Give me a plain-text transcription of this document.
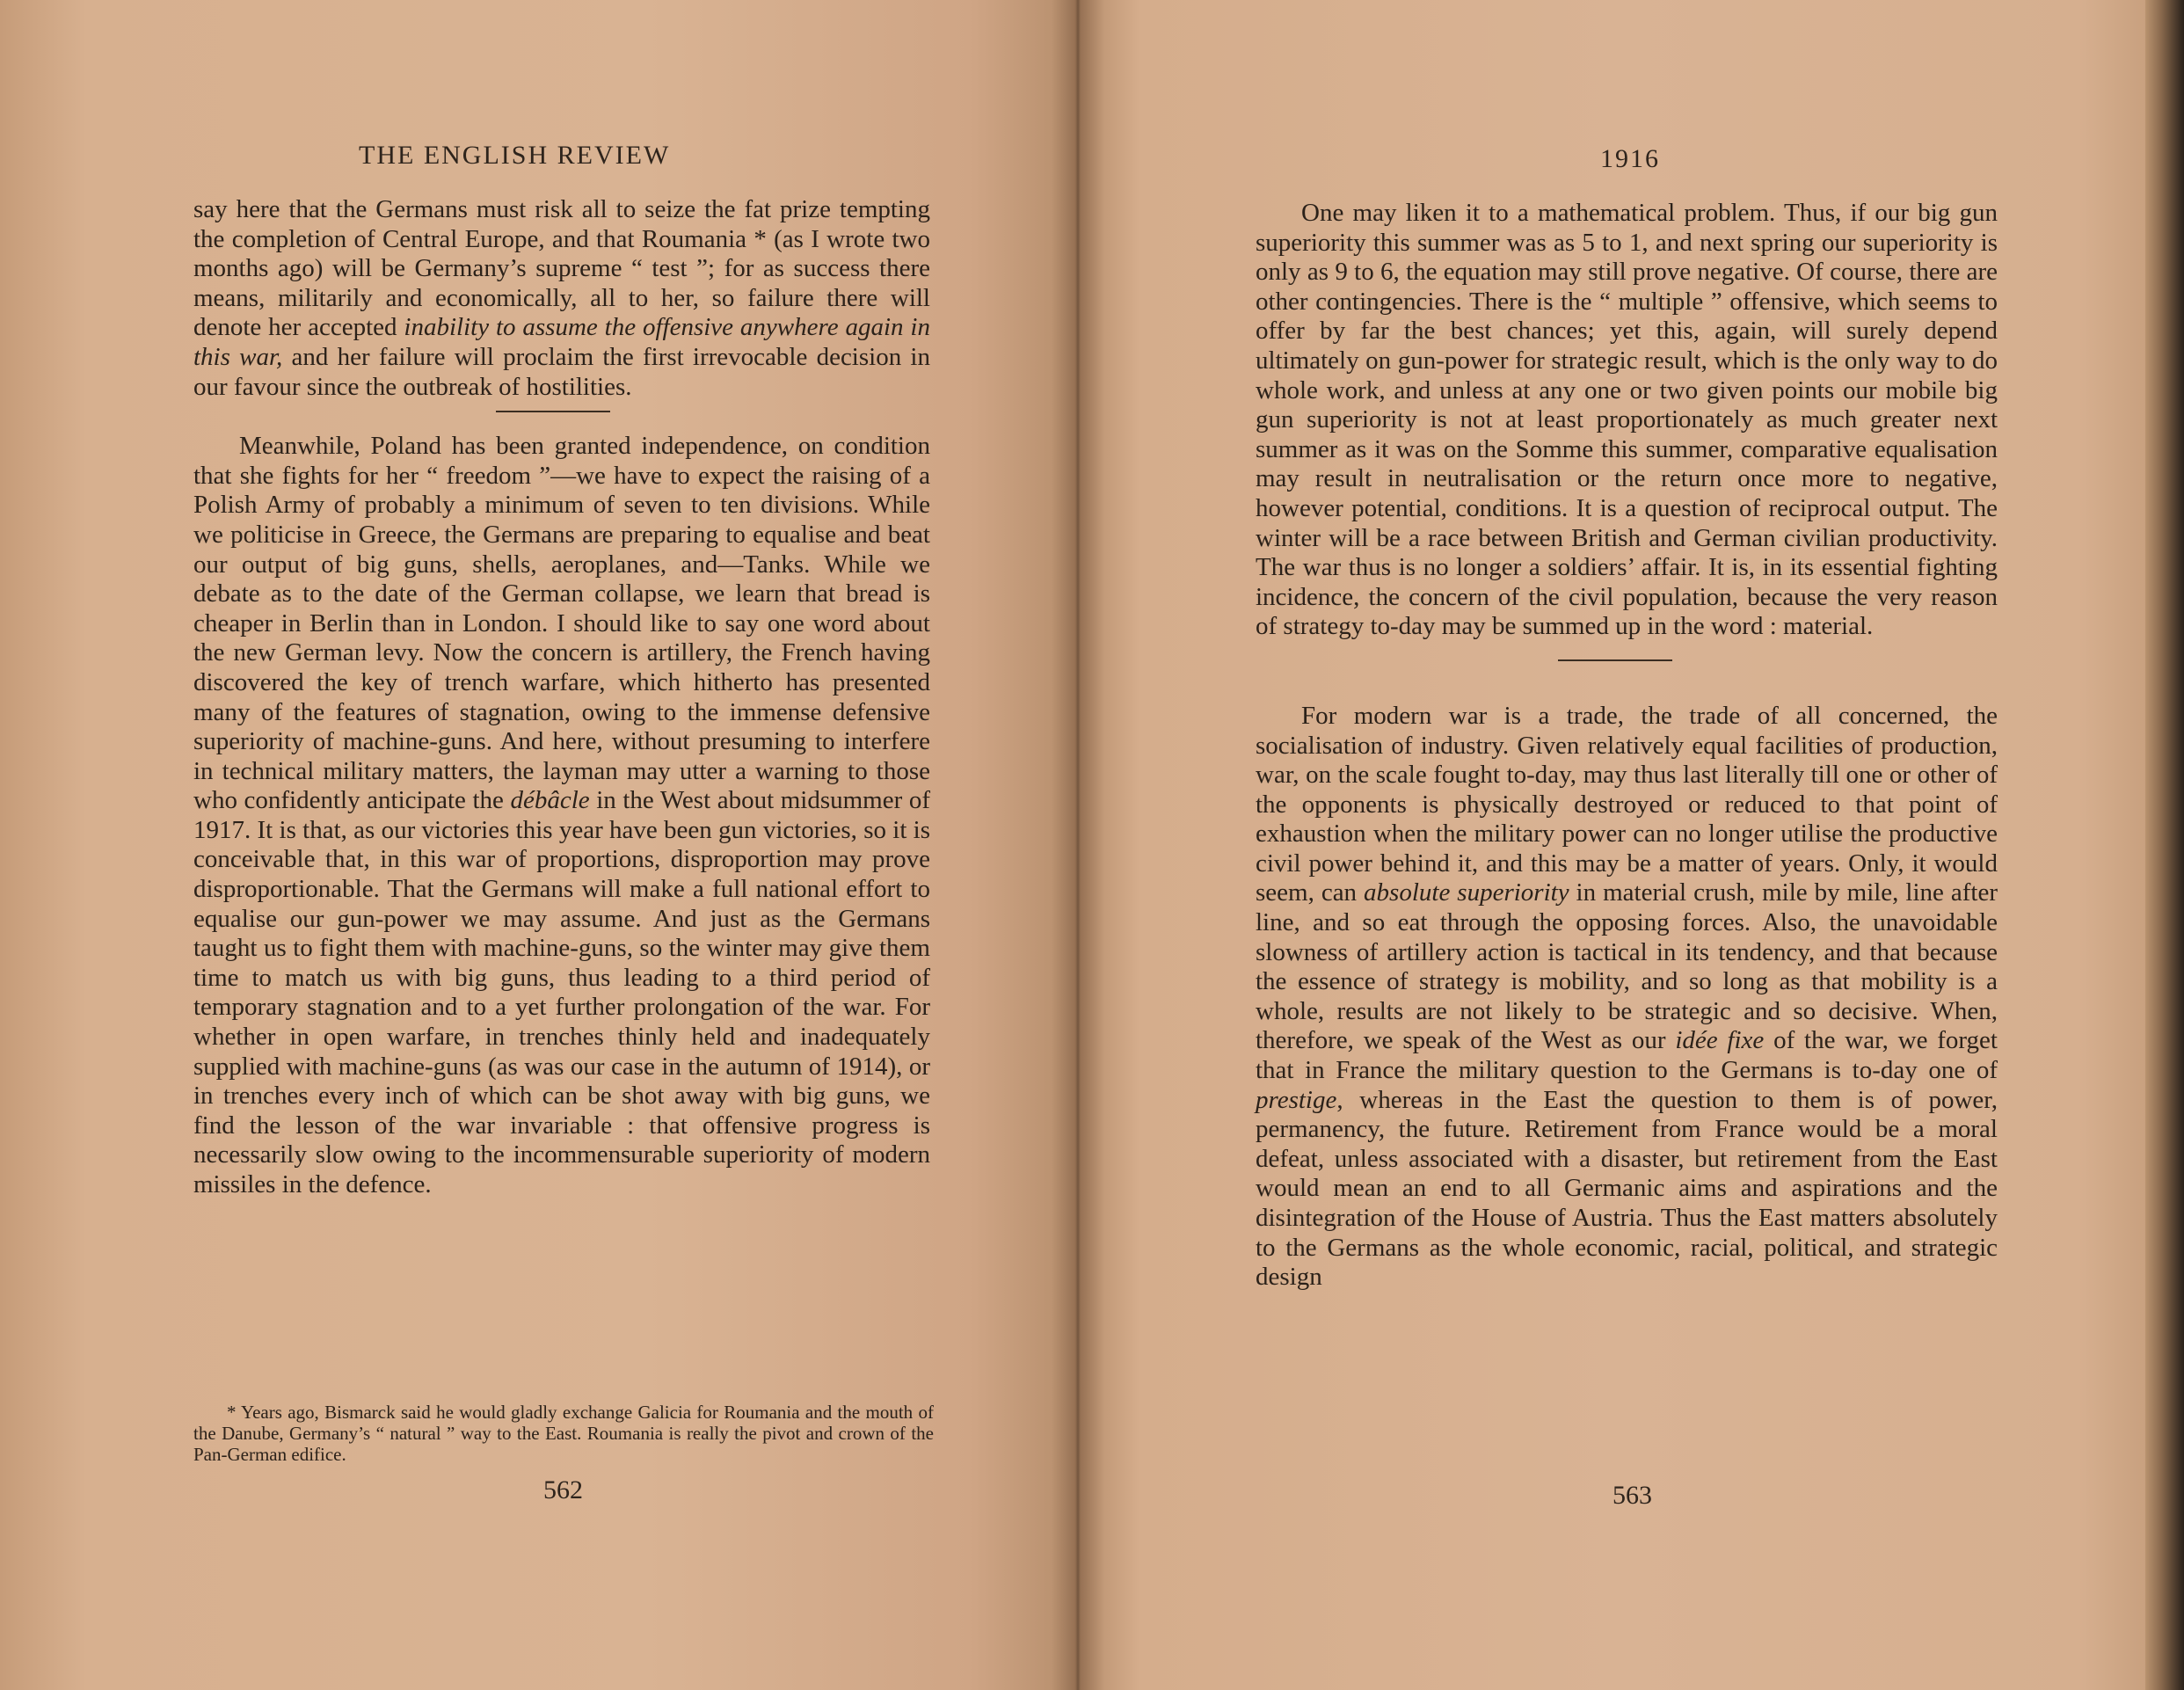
THE ENGLISH REVIEW

say here that the Germans must risk all to seize the fat prize tempting the completion of Central Europe, and that Roumania * (as I wrote two months ago) will be Germany’s supreme “ test ”; for as success there means, militarily and economically, all to her, so failure there will denote her accepted inability to assume the offensive anywhere again in this war, and her failure will proclaim the first irrevocable decision in our favour since the outbreak of hostilities.

Meanwhile, Poland has been granted independence, on condition that she fights for her “ freedom ”—we have to expect the raising of a Polish Army of probably a minimum of seven to ten divisions. While we politicise in Greece, the Germans are preparing to equalise and beat our output of big guns, shells, aeroplanes, and—Tanks. While we debate as to the date of the German collapse, we learn that bread is cheaper in Berlin than in London. I should like to say one word about the new German levy. Now the concern is artillery, the French having discovered the key of trench warfare, which hitherto has presented many of the features of stagnation, owing to the immense defensive superiority of machine-guns. And here, without presuming to interfere in technical military matters, the layman may utter a warning to those who confidently anticipate the débâcle in the West about midsummer of 1917. It is that, as our victories this year have been gun victories, so it is conceivable that, in this war of proportions, disproportion may prove disproportionable. That the Germans will make a full national effort to equalise our gun-power we may assume. And just as the Germans taught us to fight them with machine-guns, so the winter may give them time to match us with big guns, thus leading to a third period of temporary stagnation and to a yet further prolongation of the war. For whether in open warfare, in trenches thinly held and inadequately supplied with machine-guns (as was our case in the autumn of 1914), or in trenches every inch of which can be shot away with big guns, we find the lesson of the war invariable : that offensive progress is necessarily slow owing to the incommensurable superiority of modern missiles in the defence.

* Years ago, Bismarck said he would gladly exchange Galicia for Roumania and the mouth of the Danube, Germany’s “ natural ” way to the East. Roumania is really the pivot and crown of the Pan-German edifice.

562
1916

One may liken it to a mathematical problem. Thus, if our big gun superiority this summer was as 5 to 1, and next spring our superiority is only as 9 to 6, the equation may still prove negative. Of course, there are other contingencies. There is the “ multiple ” offensive, which seems to offer by far the best chances; yet this, again, will surely depend ultimately on gun-power for strategic result, which is the only way to do whole work, and unless at any one or two given points our mobile big gun superiority is not at least proportionately as much greater next summer as it was on the Somme this summer, comparative equalisation may result in neutralisation or the return once more to negative, however potential, conditions. It is a question of reciprocal output. The winter will be a race between British and German civilian productivity. The war thus is no longer a soldiers’ affair. It is, in its essential fighting incidence, the concern of the civil population, because the very reason of strategy to-day may be summed up in the word : material.

For modern war is a trade, the trade of all concerned, the socialisation of industry. Given relatively equal facilities of production, war, on the scale fought to-day, may thus last literally till one or other of the opponents is physically destroyed or reduced to that point of exhaustion when the military power can no longer utilise the productive civil power behind it, and this may be a matter of years. Only, it would seem, can absolute superiority in material crush, mile by mile, line after line, and so eat through the opposing forces. Also, the unavoidable slowness of artillery action is tactical in its tendency, and that because the essence of strategy is mobility, and so long as that mobility is a whole, results are not likely to be strategic and so decisive. When, therefore, we speak of the West as our idée fixe of the war, we forget that in France the military question to the Germans is to-day one of prestige, whereas in the East the question to them is of power, permanency, the future. Retirement from France would be a moral defeat, unless associated with a disaster, but retirement from the East would mean an end to all Germanic aims and aspirations and the disintegration of the House of Austria. Thus the East matters absolutely to the Germans as the whole economic, racial, political, and strategic design

563
